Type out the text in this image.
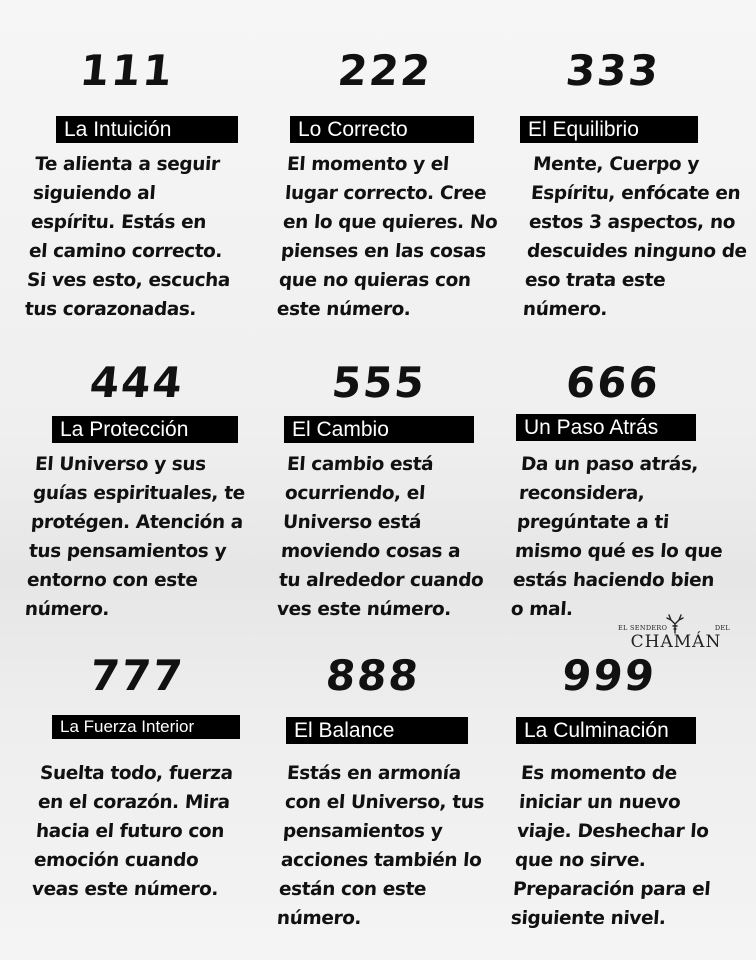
111
La Intuición

Te alienta a seguir
siguiendo al
espíritu. Estás en
el camino correcto.
Si ves esto, escucha
tus corazonadas.

222
Lo Correcto

El momento y el
lugar correcto. Cree
en lo que quieres. No
pienses en las cosas
que no quieras con
este número.

333
El Equilibrio

Mente, Cuerpo y
Espíritu, enfócate en
estos 3 aspectos, no
descuides ninguno de
eso trata este
número.

444
La Protección

El Universo y sus
guías espirituales, te
protégen. Atención a
tus pensamientos y
entorno con este
número.

555
El Cambio

El cambio está
ocurriendo, el
Universo está
moviendo cosas a
tu alrededor cuando
ves este número.

666
Un Paso Atrás

Da un paso atrás,
reconsidera,
pregúntate a ti
mismo qué es lo que
estás haciendo bien
o mal.

777
La Fuerza Interior

Suelta todo, fuerza
en el corazón. Mira
hacia el futuro con
emoción cuando
veas este número.

888
El Balance

Estás en armonía
con el Universo, tus
pensamientos y
acciones también lo
están con este
número.

999
La Culminación

Es momento de
iniciar un nuevo
viaje. Deshechar lo
que no sirve.
Preparación para el
siguiente nivel.

EL SENDERO	DEL
CHAMÁN
